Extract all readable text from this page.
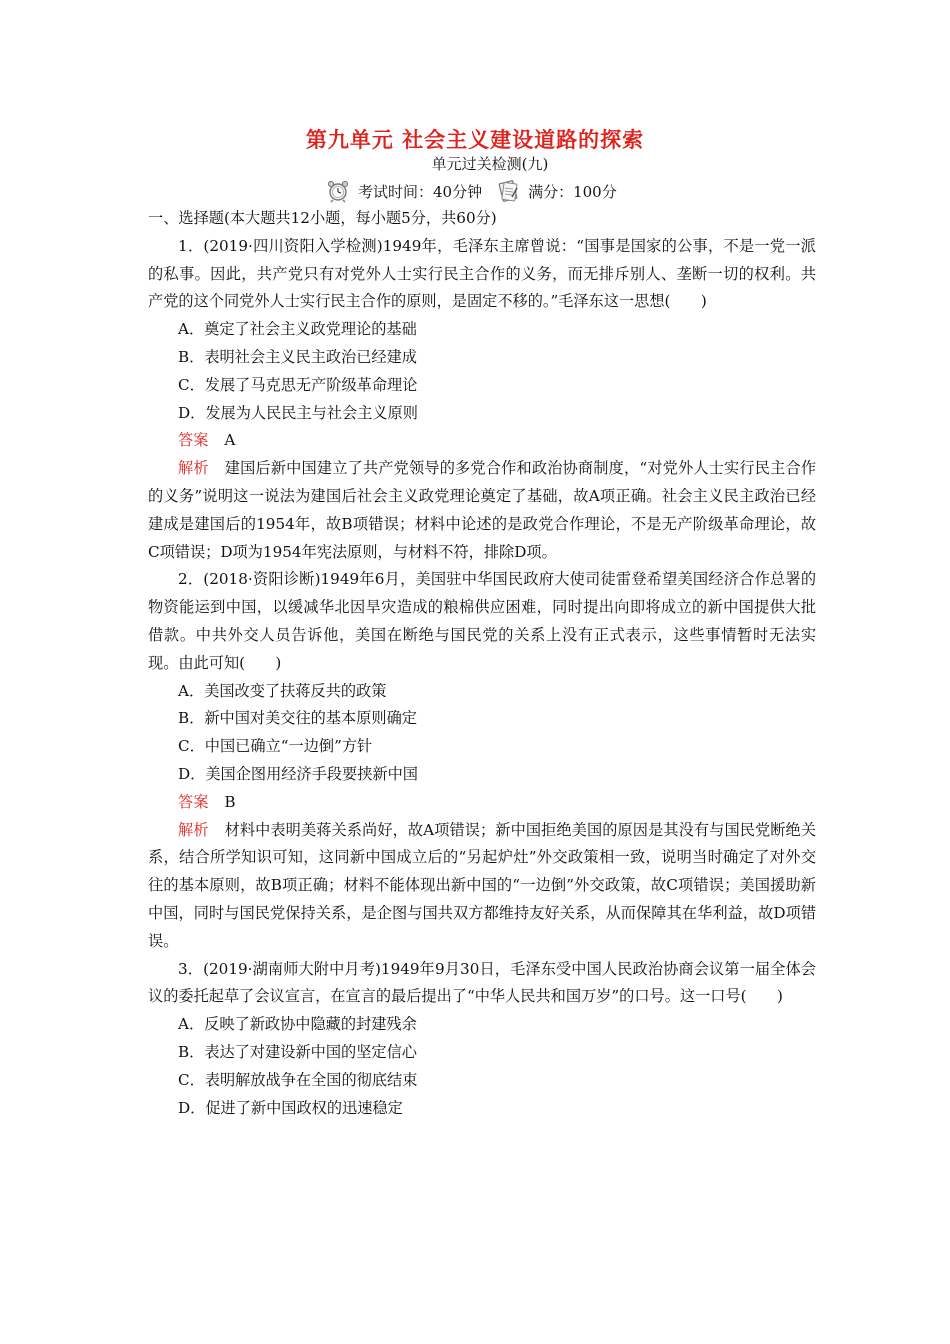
第九单元 社会主义建设道路的探索
单元过关检测(九)
考试时间：40分钟	满分：100分

一、选择题(本大题共12小题，每小题5分，共60分)

1．(2019·四川资阳入学检测)1949年，毛泽东主席曾说：“国事是国家的公事，不是一党一派的私事。因此，共产党只有对党外人士实行民主合作的义务，而无排斥别人、垄断一切的权利。共产党的这个同党外人士实行民主合作的原则，是固定不移的。”毛泽东这一思想(　　)

A．奠定了社会主义政党理论的基础

B．表明社会主义民主政治已经建成

C．发展了马克思无产阶级革命理论

D．发展为人民民主与社会主义原则

答案 A

解析 建国后新中国建立了共产党领导的多党合作和政治协商制度，“对党外人士实行民主合作的义务”说明这一说法为建国后社会主义政党理论奠定了基础，故A项正确。社会主义民主政治已经建成是建国后的1954年，故B项错误；材料中论述的是政党合作理论，不是无产阶级革命理论，故C项错误；D项为1954年宪法原则，与材料不符，排除D项。

2．(2018·资阳诊断)1949年6月，美国驻中华国民政府大使司徒雷登希望美国经济合作总署的物资能运到中国，以缓减华北因旱灾造成的粮棉供应困难，同时提出向即将成立的新中国提供大批借款。中共外交人员告诉他，美国在断绝与国民党的关系上没有正式表示，这些事情暂时无法实现。由此可知(　　)

A．美国改变了扶蒋反共的政策

B．新中国对美交往的基本原则确定

C．中国已确立“一边倒”方针

D．美国企图用经济手段要挟新中国

答案 B

解析 材料中表明美蒋关系尚好，故A项错误；新中国拒绝美国的原因是其没有与国民党断绝关系，结合所学知识可知，这同新中国成立后的“另起炉灶”外交政策相一致，说明当时确定了对外交往的基本原则，故B项正确；材料不能体现出新中国的“一边倒”外交政策，故C项错误；美国援助新中国，同时与国民党保持关系，是企图与国共双方都维持友好关系，从而保障其在华利益，故D项错误。

3．(2019·湖南师大附中月考)1949年9月30日，毛泽东受中国人民政治协商会议第一届全体会议的委托起草了会议宣言，在宣言的最后提出了“中华人民共和国万岁”的口号。这一口号(　　)

A．反映了新政协中隐藏的封建残余

B．表达了对建设新中国的坚定信心

C．表明解放战争在全国的彻底结束

D．促进了新中国政权的迅速稳定
